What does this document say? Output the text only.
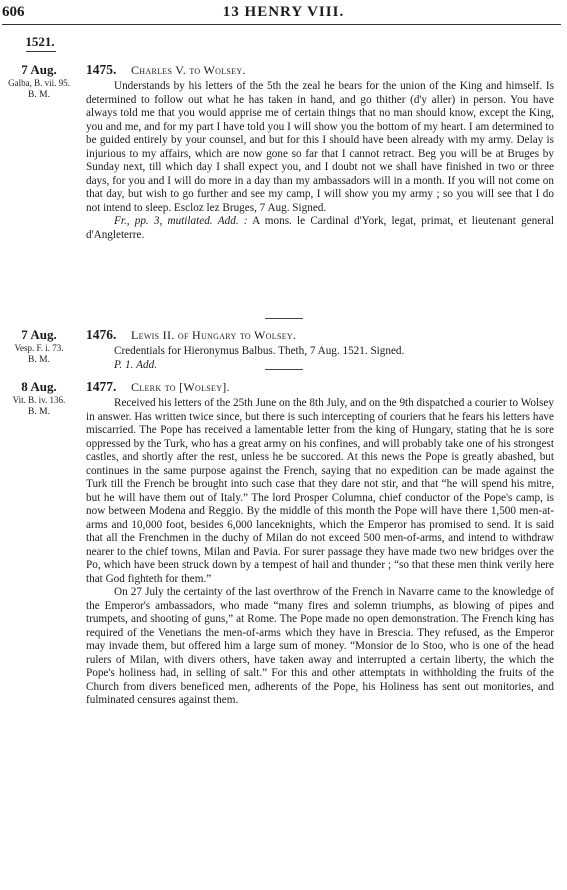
606	13 HENRY VIII.
1521.
7 Aug.
Galba, B. vii. 95.
B. M.
1475. Charles V. to Wolsey.

Understands by his letters of the 5th the zeal he bears for the union of the King and himself. Is determined to follow out what he has taken in hand, and go thither (d'y aller) in person. You have always told me that you would apprise me of certain things that no man should know, except the King, you and me, and for my part I have told you I will show you the bottom of my heart. I am determined to be guided entirely by your counsel, and but for this I should have been already with my army. Delay is injurious to my affairs, which are now gone so far that I cannot retract. Beg you will be at Bruges by Sunday next, till which day I shall expect you, and I doubt not we shall have finished in two or three days, for you and I will do more in a day than my ambassadors will in a month. If you will not come on that day, but wish to go further and see my camp, I will show you my army ; so you will see that I do not intend to sleep. Escloz lez Bruges, 7 Aug. Signed.

Fr., pp. 3, mutilated. Add. : A mons. le Cardinal d'York, legat, primat, et lieutenant general d'Angleterre.
7 Aug.
Vesp. F. i. 73.
B. M.
1476. Lewis II. of Hungary to Wolsey.

Credentials for Hieronymus Balbus. Theth, 7 Aug. 1521. Signed.

P. 1. Add.
8 Aug.
Vit. B. iv. 136.
B. M.
1477. Clerk to [Wolsey].

Received his letters of the 25th June on the 8th July, and on the 9th dispatched a courier to Wolsey in answer. Has written twice since, but there is such intercepting of couriers that he fears his letters have miscarried. The Pope has received a lamentable letter from the king of Hungary, stating that he is sore oppressed by the Turk, who has a great army on his confines, and will probably take one of his strongest castles, and shortly after the rest, unless he be succored. At this news the Pope is greatly abashed, but continues in the same purpose against the French, saying that no expedition can be made against the Turk till the French be brought into such case that they dare not stir, and that “he will spend his mitre, but he will have them out of Italy.” The lord Prosper Columna, chief conductor of the Pope's camp, is now between Modena and Reggio. By the middle of this month the Pope will have there 1,500 men-at-arms and 10,000 foot, besides 6,000 lanceknights, which the Emperor has promised to send. It is said that all the Frenchmen in the duchy of Milan do not exceed 500 men-of-arms, and intend to withdraw nearer to the chief towns, Milan and Pavia. For surer passage they have made two new bridges over the Po, which have been struck down by a tempest of hail and thunder ; “so that these men think verily here that God fighteth for them.”

On 27 July the certainty of the last overthrow of the French in Navarre came to the knowledge of the Emperor's ambassadors, who made “many fires and solemn triumphs, as blowing of pipes and trumpets, and shooting of guns,” at Rome. The Pope made no open demonstration. The French king has required of the Venetians the men-of-arms which they have in Brescia. They refused, as the Emperor may invade them, but offered him a large sum of money. “Monsior de lo Stoo, who is one of the head rulers of Milan, with divers others, have taken away and interrupted a certain liberty, the which the Pope's holiness had, in selling of salt.” For this and other attemptats in withholding the fruits of the Church from divers beneficed men, adherents of the Pope, his Holiness has sent out monitories, and fulminated censures against them.
